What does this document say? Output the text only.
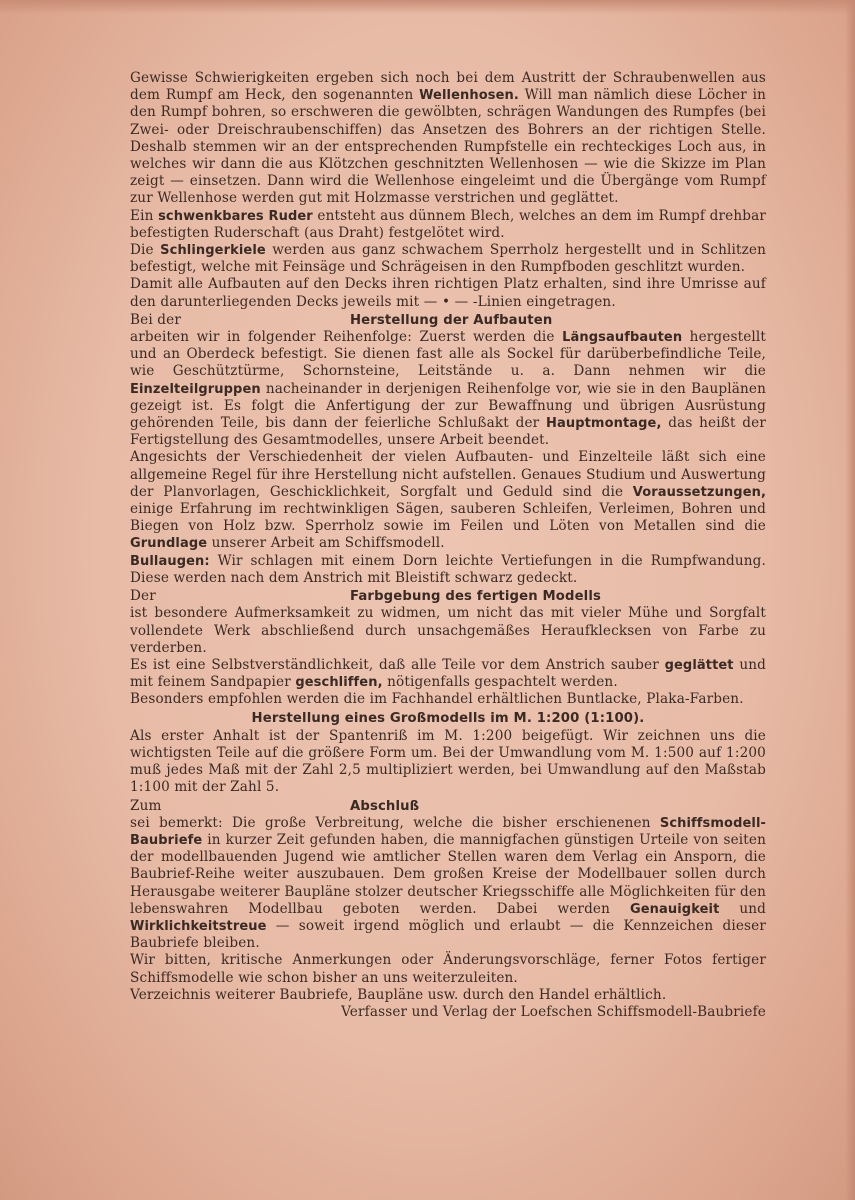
Gewisse Schwierigkeiten ergeben sich noch bei dem Austritt der Schraubenwellen aus dem Rumpf am Heck, den sogenannten Wellenhosen. Will man nämlich diese Löcher in den Rumpf bohren, so erschweren die gewölbten, schrägen Wandungen des Rumpfes (bei Zwei- oder Dreischraubenschiffen) das Ansetzen des Bohrers an der richtigen Stelle. Deshalb stemmen wir an der entsprechenden Rumpfstelle ein rechteckiges Loch aus, in welches wir dann die aus Klötzchen geschnitzten Wellenhosen — wie die Skizze im Plan zeigt — einsetzen. Dann wird die Wellenhose eingeleimt und die Übergänge vom Rumpf zur Wellenhose werden gut mit Holzmasse verstrichen und geglättet.

Ein schwenkbares Ruder entsteht aus dünnem Blech, welches an dem im Rumpf drehbar befestigten Ruderschaft (aus Draht) festgelötet wird.

Die Schlingerkiele werden aus ganz schwachem Sperrholz hergestellt und in Schlitzen befestigt, welche mit Feinsäge und Schrägeisen in den Rumpfboden geschlitzt wurden.

Damit alle Aufbauten auf den Decks ihren richtigen Platz erhalten, sind ihre Umrisse auf den darunterliegenden Decks jeweils mit — • — -Linien eingetragen.

Bei der	Herstellung der Aufbauten

arbeiten wir in folgender Reihenfolge: Zuerst werden die Längsaufbauten hergestellt und an Oberdeck befestigt. Sie dienen fast alle als Sockel für darüberbefindliche Teile, wie Geschütztürme, Schornsteine, Leitstände u. a. Dann nehmen wir die Einzelteilgruppen nacheinander in derjenigen Reihenfolge vor, wie sie in den Bauplänen gezeigt ist. Es folgt die Anfertigung der zur Bewaffnung und übrigen Ausrüstung gehörenden Teile, bis dann der feierliche Schlußakt der Hauptmontage, das heißt der Fertigstellung des Gesamtmodelles, unsere Arbeit beendet.

Angesichts der Verschiedenheit der vielen Aufbauten- und Einzelteile läßt sich eine allgemeine Regel für ihre Herstellung nicht aufstellen. Genaues Studium und Auswertung der Planvorlagen, Geschicklichkeit, Sorgfalt und Geduld sind die Voraussetzungen, einige Erfahrung im rechtwinkligen Sägen, sauberen Schleifen, Verleimen, Bohren und Biegen von Holz bzw. Sperrholz sowie im Feilen und Löten von Metallen sind die Grundlage unserer Arbeit am Schiffsmodell.

Bullaugen: Wir schlagen mit einem Dorn leichte Vertiefungen in die Rumpfwandung. Diese werden nach dem Anstrich mit Bleistift schwarz gedeckt.

Der	Farbgebung des fertigen Modells

ist besondere Aufmerksamkeit zu widmen, um nicht das mit vieler Mühe und Sorgfalt vollendete Werk abschließend durch unsachgemäßes Heraufklecksen von Farbe zu verderben.

Es ist eine Selbstverständlichkeit, daß alle Teile vor dem Anstrich sauber geglättet und mit feinem Sandpapier geschliffen, nötigenfalls gespachtelt werden.

Besonders empfohlen werden die im Fachhandel erhältlichen Buntlacke, Plaka-Farben.

Herstellung eines Großmodells im M. 1:200 (1:100).

Als erster Anhalt ist der Spantenriß im M. 1:200 beigefügt. Wir zeichnen uns die wichtigsten Teile auf die größere Form um. Bei der Umwandlung vom M. 1:500 auf 1:200 muß jedes Maß mit der Zahl 2,5 multipliziert werden, bei Umwandlung auf den Maßstab 1:100 mit der Zahl 5.

Zum	Abschluß

sei bemerkt: Die große Verbreitung, welche die bisher erschienenen Schiffsmodell-Baubriefe in kurzer Zeit gefunden haben, die mannigfachen günstigen Urteile von seiten der modellbauenden Jugend wie amtlicher Stellen waren dem Verlag ein Ansporn, die Baubrief-Reihe weiter auszubauen. Dem großen Kreise der Modellbauer sollen durch Herausgabe weiterer Baupläne stolzer deutscher Kriegsschiffe alle Möglichkeiten für den lebenswahren Modellbau geboten werden. Dabei werden Genauigkeit und Wirklichkeitstreue — soweit irgend möglich und erlaubt — die Kennzeichen dieser Baubriefe bleiben.

Wir bitten, kritische Anmerkungen oder Änderungsvorschläge, ferner Fotos fertiger Schiffsmodelle wie schon bisher an uns weiterzuleiten.

Verzeichnis weiterer Baubriefe, Baupläne usw. durch den Handel erhältlich.

Verfasser und Verlag der Loefschen Schiffsmodell-Baubriefe
